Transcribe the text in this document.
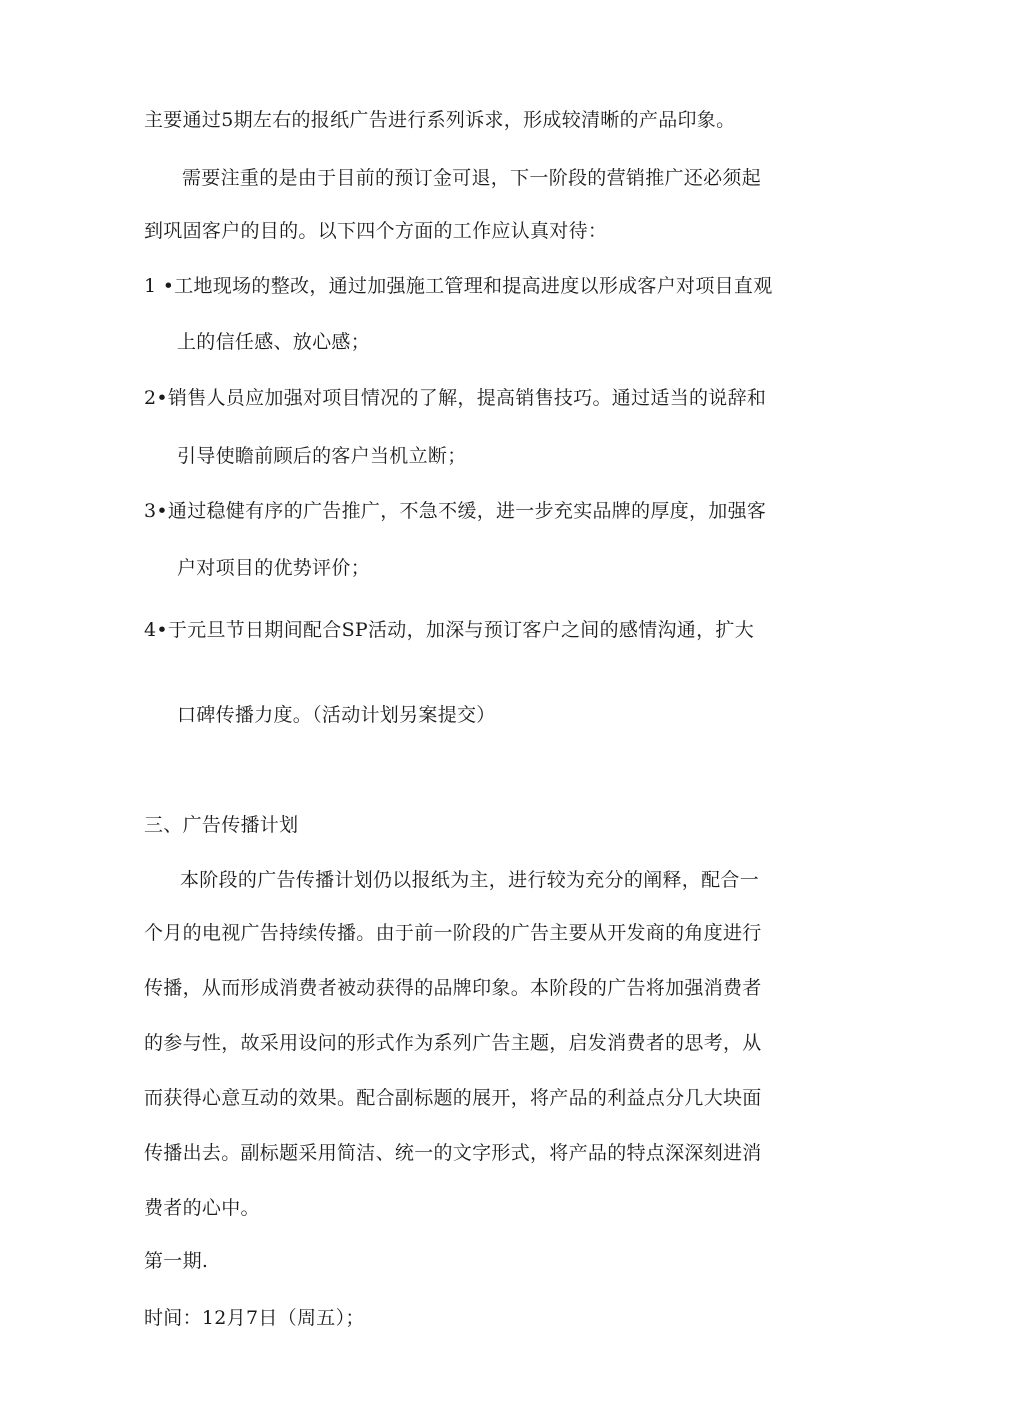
主要通过5期左右的报纸广告进行系列诉求，形成较清晰的产品印象。
需要注重的是由于目前的预订金可退，下一阶段的营销推广还必须起
到巩固客户的目的。以下四个方面的工作应认真对待：
1 •工地现场的整改，通过加强施工管理和提高进度以形成客户对项目直观
上的信任感、放心感；
2•销售人员应加强对项目情况的了解，提高销售技巧。通过适当的说辞和
引导使瞻前顾后的客户当机立断；
3•通过稳健有序的广告推广，不急不缓，进一步充实品牌的厚度，加强客
户对项目的优势评价；
4•于元旦节日期间配合SP活动，加深与预订客户之间的感情沟通，扩大
口碑传播力度。（活动计划另案提交）
三、广告传播计划
本阶段的广告传播计划仍以报纸为主，进行较为充分的阐释，配合一
个月的电视广告持续传播。由于前一阶段的广告主要从开发商的角度进行
传播，从而形成消费者被动获得的品牌印象。本阶段的广告将加强消费者
的参与性，故采用设问的形式作为系列广告主题，启发消费者的思考，从
而获得心意互动的效果。配合副标题的展开，将产品的利益点分几大块面
传播出去。副标题采用简洁、统一的文字形式，将产品的特点深深刻进消
费者的心中。
第一期.
时间：12月7日（周五）；
